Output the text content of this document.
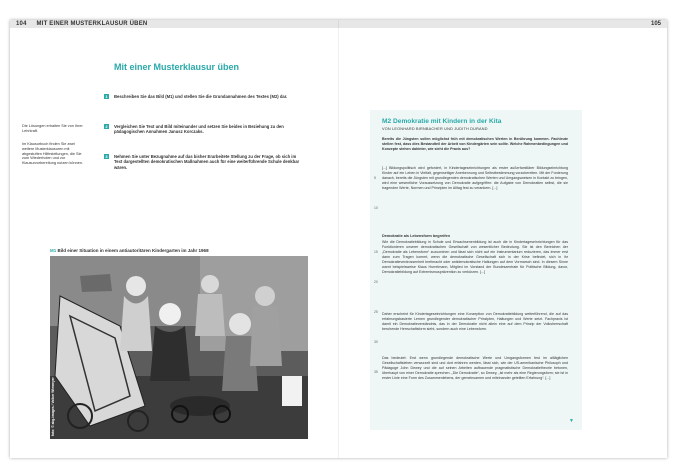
104 MIT EINER MUSTERKLAUSUR ÜBEN	105
Mit einer Musterklausur üben
1	Beschreiben Sie das Bild (M1) und stellen Sie die Grundannahmen des Textes (M2) dar.
2	Vergleichen Sie Text und Bild miteinander und setzen Sie beides in Beziehung zu den pädagogischen Annahmen Janusz Korczaks.
3	Nehmen Sie unter Bezugnahme auf das bisher Erarbeitete Stellung zu der Frage, ob sich im Text dargestellten demokratischen Maßnahmen auch für eine weiterführende Schule denkbar wären.
Die Lösungen erhalten Sie von Ihrer Lehrkraft.
Im Klausurbuch finden Sie zwei weitere Musterklausuren mit abgestuften Hilfestellungen, die Sie zum Wiederholen und zur Klausurvorbereitung nutzen können.
M1 Bild einer Situation in einem antiautoritären Kindergarten im Jahr 1968
foto: © akg-images / Volker Wiemeyer
M2 Demokratie mit Kindern in der Kita
VON LEONHARD BIRNBACHER UND JUDITH DURAND
Bereits die Jüngsten sollen möglichst früh mit demokratischen Werten in Berührung kommen. Fachleute stellen fest, dass dies Bestandteil der Arbeit von Kindergärten sein sollte. Welche Rahmenbedingungen und Konzepte stehen dahinter, wie sieht die Praxis aus?
[...] Bildungspolitisch wird gefordert, in Kindertageseinrichtungen als erster außerfamiliärer Bildungseinrichtung Kinder auf ein Leben in Vielfalt, gegenseitiger Anerkennung und Selbstbestimmung vorzubereiten. Mit der Forderung danach, bereits die Jüngsten mit grundlegenden demokratischen Werten und Umgangsweisen in Kontakt zu bringen, wird eine wesentliche Voraussetzung von Demokratie aufgegriffen: die Aufgabe von Demokratien selbst, die sie tragenden Werte, Normen und Prinzipien im Alltag fest zu verankern. [...]
Demokratie als Lebensform begreifen
Wie die Demokratiebildung in Schule und Erwachsenenbildung ist auch die in Kindertageseinrichtungen für das Funktionieren unserer demokratischen Gesellschaft von wesentlicher Bedeutung. Sie ist den Bereichen der „Demokratie als Lebensform“ zuzuordnen und lässt sich nicht auf ein Instrumentarium reduzieren, das immer erst dann zum Tragen kommt, wenn die demokratische Gesellschaft sich in der Krise befindet, sich in ihr Demokratieverdrossenheit breitmacht oder antidemokratische Haltungen auf dem Vormarsch sind. In diesem Sinne warnt beispielsweise Klaus Hurrelmann, Mitglied im Vorstand der Bundeszentrale für Politische Bildung, davor, Demokratiebildung auf Extremismusprävention zu verkürzen. [...]
Daher erscheint für Kindertageseinrichtungen eine Konzeption von Demokratiebildung weiterführend, die auf das erfahrungsbasierte Lernen grundlegender demokratischer Prinzipien, Haltungen und Werte setzt. Fachpraxis ist damit ein Demokratieverständnis, das in der Demokratie nicht allein eine auf dem Prinzip der Volksherrschaft beruhende Herrschaftsform sieht, sondern auch eine Lebensform.
Das bedeutet: Erst wenn grundlegende demokratische Werte und Umgangsformen fest im alltäglichen Gesellschaftsleben verwurzelt sind und dort erfahren werden, lässt sich, wie der US-amerikanische Philosoph und Pädagoge John Dewey und die auf seinen Arbeiten aufbauende pragmatistische Demokratietheorie betonen, überhaupt von einer Demokratie sprechen. „Die Demokratie“, so Dewey, „ist mehr als eine Regierungsform; sie ist in erster Linie eine Form des Zusammenlebens, der gemeinsamen und miteinander geteilten Erfahrung“. [...]
5
10
15
20
25
30
35
▼
